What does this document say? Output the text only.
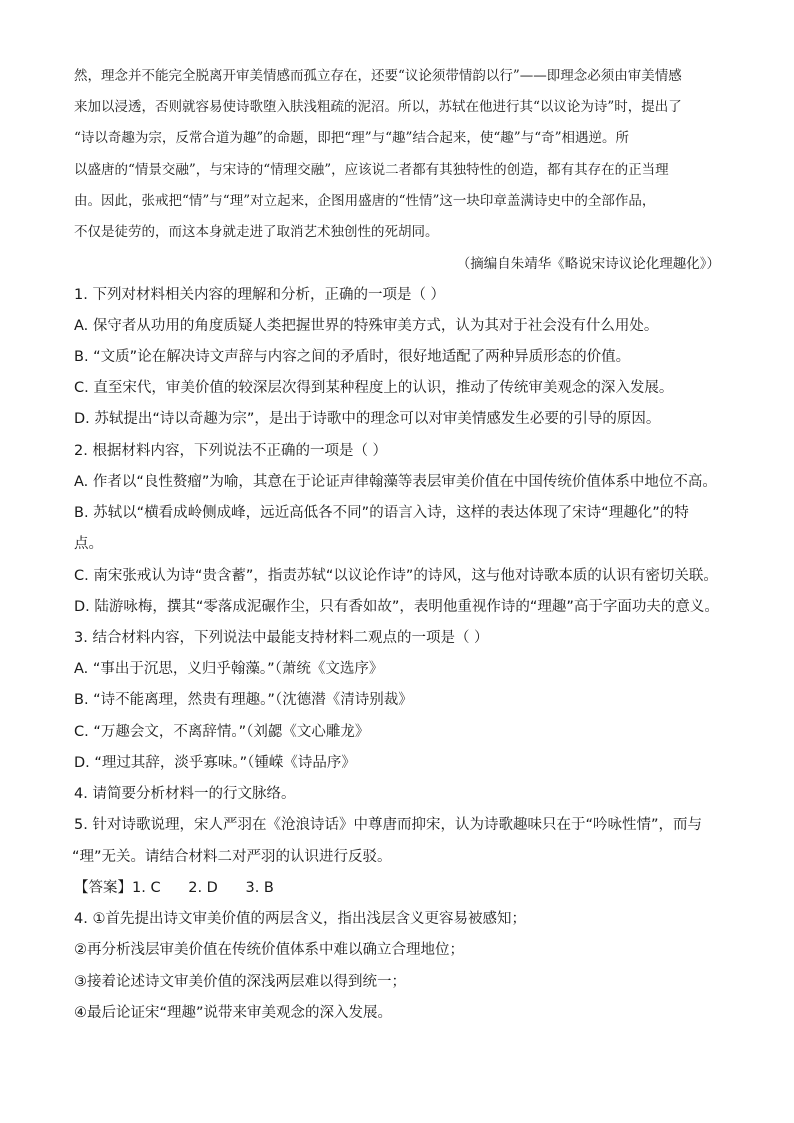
然，理念并不能完全脱离开审美情感而孤立存在，还要“议论须带情韵以行”——即理念必须由审美情感
来加以浸透，否则就容易使诗歌堕入肤浅粗疏的泥沼。所以，苏轼在他进行其“以议论为诗”时，提出了
“诗以奇趣为宗，反常合道为趣”的命题，即把“理”与“趣”结合起来，使“趣”与“奇”相遇逆。所
以盛唐的“情景交融”，与宋诗的“情理交融”，应该说二者都有其独特性的创造，都有其存在的正当理
由。因此，张戒把“情”与“理”对立起来，企图用盛唐的“性情”这一块印章盖满诗史中的全部作品，
不仅是徒劳的，而这本身就走进了取消艺术独创性的死胡同。
（摘编自朱靖华《略说宋诗议论化理趣化》）
1. 下列对材料相关内容的理解和分析，正确的一项是（ ）
A. 保守者从功用的角度质疑人类把握世界的特殊审美方式，认为其对于社会没有什么用处。
B. “文质”论在解决诗文声辞与内容之间的矛盾时，很好地适配了两种异质形态的价值。
C. 直至宋代，审美价值的较深层次得到某种程度上的认识，推动了传统审美观念的深入发展。
D. 苏轼提出“诗以奇趣为宗”，是出于诗歌中的理念可以对审美情感发生必要的引导的原因。
2. 根据材料内容，下列说法不正确的一项是（ ）
A. 作者以“良性赘瘤”为喻，其意在于论证声律翰藻等表层审美价值在中国传统价值体系中地位不高。
B. 苏轼以“横看成岭侧成峰，远近高低各不同”的语言入诗，这样的表达体现了宋诗“理趣化”的特
点。
C. 南宋张戒认为诗“贵含蓄”，指责苏轼“以议论作诗”的诗风，这与他对诗歌本质的认识有密切关联。
D. 陆游咏梅，撰其“零落成泥碾作尘，只有香如故”，表明他重视作诗的“理趣”高于字面功夫的意义。
3. 结合材料内容，下列说法中最能支持材料二观点的一项是（ ）
A. “事出于沉思，义归乎翰藻。”（萧统《文选序》
B. “诗不能离理，然贵有理趣。”（沈德潜《清诗别裁》
C. “万趣会文，不离辞情。”（刘勰《文心雕龙》
D. “理过其辞，淡乎寡味。”（锺嵘《诗品序》
4. 请简要分析材料一的行文脉络。
5. 针对诗歌说理，宋人严羽在《沧浪诗话》中尊唐而抑宋，认为诗歌趣味只在于“吟咏性情”，而与
“理”无关。请结合材料二对严羽的认识进行反驳。
【答案】1. C      2. D      3. B
4. ①首先提出诗文审美价值的两层含义，指出浅层含义更容易被感知；
②再分析浅层审美价值在传统价值体系中难以确立合理地位；
③接着论述诗文审美价值的深浅两层难以得到统一；
④最后论证宋“理趣”说带来审美观念的深入发展。
